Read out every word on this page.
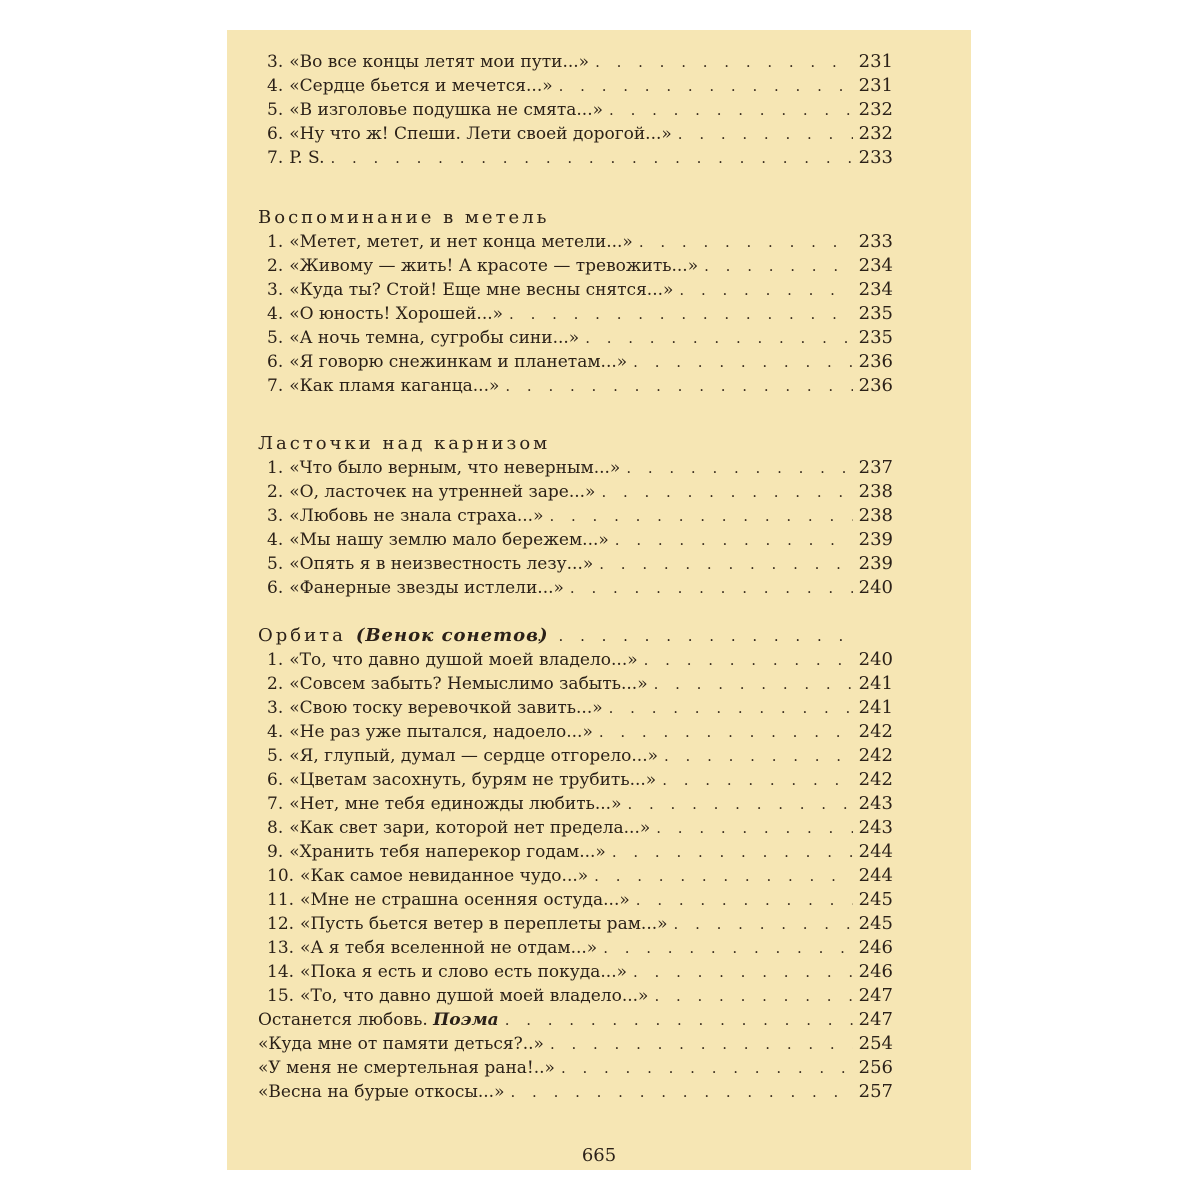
3. «Во все концы летят мои пути...» . . .	231
4. «Сердце бьется и мечется...» . . .	231
5. «В изголовье подушка не смята...» . . .	232
6. «Ну что ж! Спеши. Лети своей дорогой...» . . .	232
7. P. S. . . .	233
Воспоминание в метель
1. «Метет, метет, и нет конца метели...» . . .	233
2. «Живому — жить! А красоте — тревожить...» . . .	234
3. «Куда ты? Стой! Еще мне весны снятся...» . . .	234
4. «О юность! Хорошей...» . . .	235
5. «А ночь темна, сугробы сини...» . . .	235
6. «Я говорю снежинкам и планетам...» . . .	236
7. «Как пламя каганца...» . . .	236
Ласточки над карнизом
1. «Что было верным, что неверным...» . . .	237
2. «О, ласточек на утренней заре...» . . .	238
3. «Любовь не знала страха...» . . .	238
4. «Мы нашу землю мало бережем...» . . .	239
5. «Опять я в неизвестность лезу...» . . .	239
6. «Фанерные звезды истлели...» . . .	240
. . .
Орбита (Венок сонетов)
1. «То, что давно душой моей владело...» . . .	240
2. «Совсем забыть? Немыслимо забыть...» . . .	241
3. «Свою тоску веревочкой завить...» . . .	241
4. «Не раз уже пытался, надоело...» . . .	242
5. «Я, глупый, думал — сердце отгорело...» . . .	242
6. «Цветам засохнуть, бурям не трубить...» . . .	242
7. «Нет, мне тебя единожды любить...» . . .	243
8. «Как свет зари, которой нет предела...» . . .	243
9. «Хранить тебя наперекор годам...» . . .	244
10. «Как самое невиданное чудо...» . . .	244
11. «Мне не страшна осенняя остуда...» . . .	245
12. «Пусть бьется ветер в переплеты рам...» . . .	245
13. «А я тебя вселенной не отдам...» . . .	246
14. «Пока я есть и слово есть покуда...» . . .	246
15. «То, что давно душой моей владело...» . . .	247
Останется любовь. Поэма . . .	247
«Куда мне от памяти деться?..» . . .	254
«У меня не смертельная рана!..» . . .	256
«Весна на бурые откосы...» . . .	257
665
